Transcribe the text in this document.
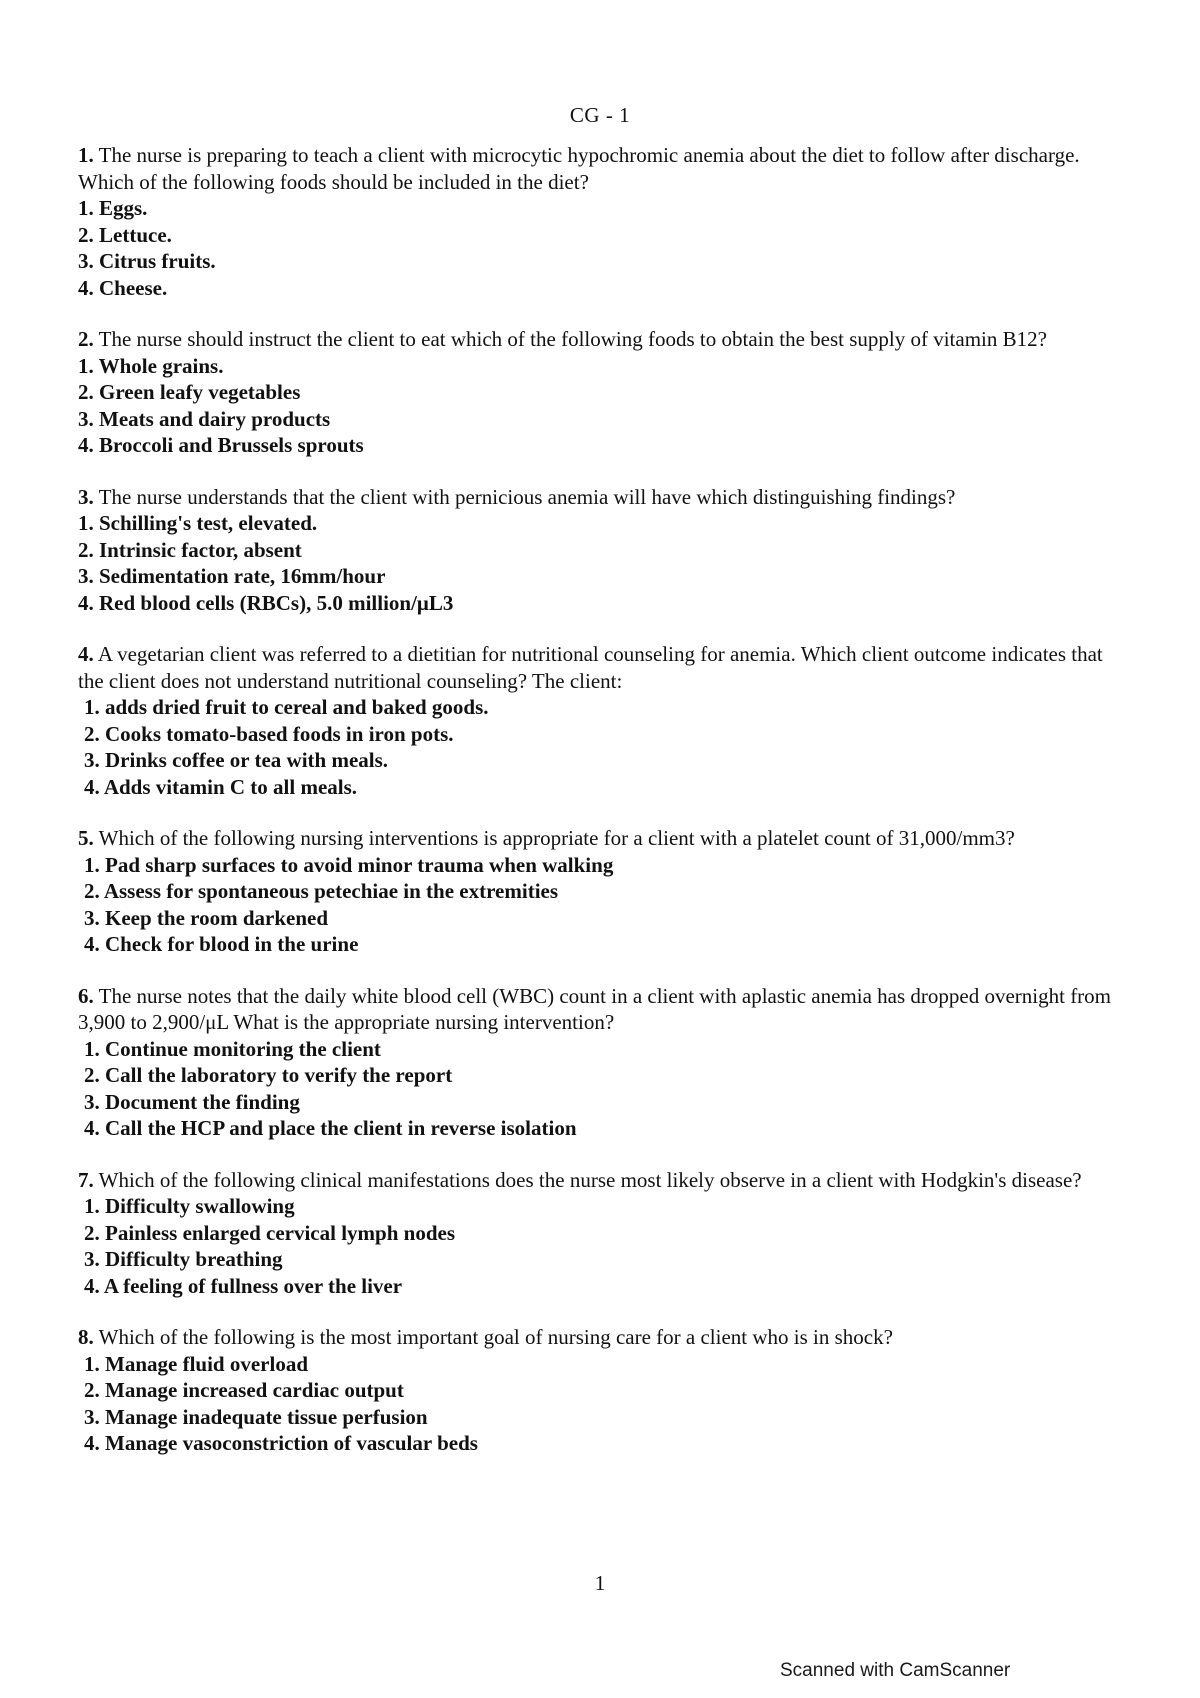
CG - 1
1. The nurse is preparing to teach a client with microcytic hypochromic anemia about the diet to follow after discharge. Which of the following foods should be included in the diet?
1. Eggs.
2. Lettuce.
3. Citrus fruits.
4. Cheese.
2. The nurse should instruct the client to eat which of the following foods to obtain the best supply of vitamin B12?
1. Whole grains.
2. Green leafy vegetables
3. Meats and dairy products
4. Broccoli and Brussels sprouts
3. The nurse understands that the client with pernicious anemia will have which distinguishing findings?
1. Schilling's test, elevated.
2. Intrinsic factor, absent
3. Sedimentation rate, 16mm/hour
4. Red blood cells (RBCs), 5.0 million/μL3
4. A vegetarian client was referred to a dietitian for nutritional counseling for anemia. Which client outcome indicates that the client does not understand nutritional counseling? The client:
1. adds dried fruit to cereal and baked goods.
2. Cooks tomato-based foods in iron pots.
3. Drinks coffee or tea with meals.
4. Adds vitamin C to all meals.
5. Which of the following nursing interventions is appropriate for a client with a platelet count of 31,000/mm3?
1. Pad sharp surfaces to avoid minor trauma when walking
2. Assess for spontaneous petechiae in the extremities
3. Keep the room darkened
4. Check for blood in the urine
6. The nurse notes that the daily white blood cell (WBC) count in a client with aplastic anemia has dropped overnight from 3,900 to 2,900/μL What is the appropriate nursing intervention?
1. Continue monitoring the client
2. Call the laboratory to verify the report
3. Document the finding
4. Call the HCP and place the client in reverse isolation
7. Which of the following clinical manifestations does the nurse most likely observe in a client with Hodgkin's disease?
1. Difficulty swallowing
2. Painless enlarged cervical lymph nodes
3. Difficulty breathing
4. A feeling of fullness over the liver
8. Which of the following is the most important goal of nursing care for a client who is in shock?
1. Manage fluid overload
2. Manage increased cardiac output
3. Manage inadequate tissue perfusion
4. Manage vasoconstriction of vascular beds
1
Scanned with CamScanner
